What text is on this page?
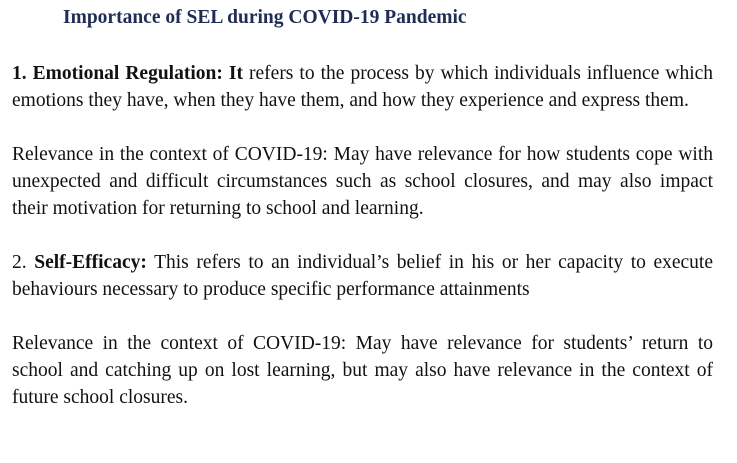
Importance of SEL during COVID-19 Pandemic

1. Emotional Regulation: It refers to the process by which individuals influence which emotions they have, when they have them, and how they experience and express them.

Relevance in the context of COVID-19: May have relevance for how students cope with unexpected and difficult circumstances such as school closures, and may also impact their motivation for returning to school and learning.

2. Self-Efficacy: This refers to an individual’s belief in his or her capacity to execute behaviours necessary to produce specific performance attainments

Relevance in the context of COVID-19: May have relevance for students’ return to school and catching up on lost learning, but may also have relevance in the context of future school closures.
